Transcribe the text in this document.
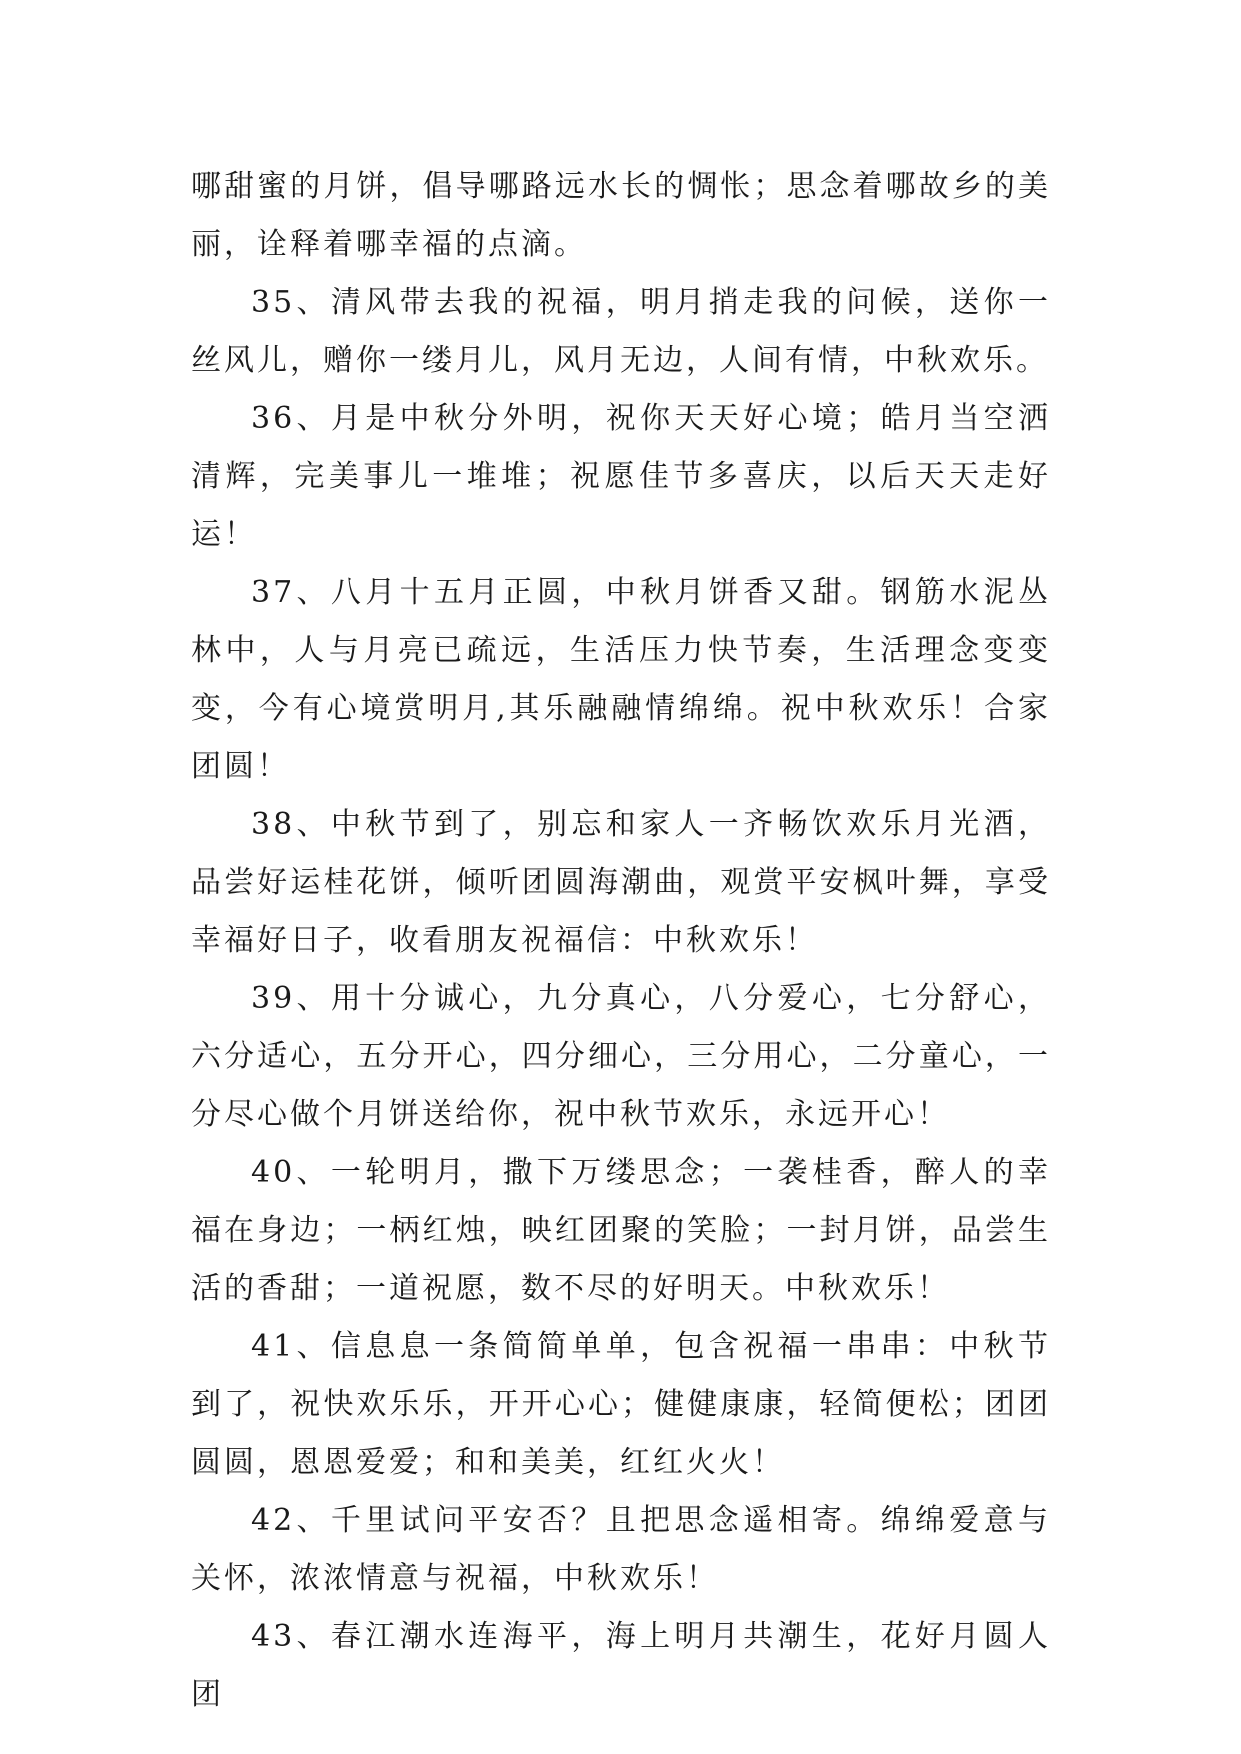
哪甜蜜的月饼，倡导哪路远水长的惆怅；思念着哪故乡的美丽，诠释着哪幸福的点滴。

35、清风带去我的祝福，明月捎走我的问候，送你一丝风儿，赠你一缕月儿，风月无边，人间有情，中秋欢乐。

36、月是中秋分外明，祝你天天好心境；皓月当空洒清辉，完美事儿一堆堆；祝愿佳节多喜庆，以后天天走好运！

37、八月十五月正圆，中秋月饼香又甜。钢筋水泥丛林中，人与月亮已疏远，生活压力快节奏，生活理念变变变，今有心境赏明月,其乐融融情绵绵。祝中秋欢乐！合家团圆！

38、中秋节到了，别忘和家人一齐畅饮欢乐月光酒，品尝好运桂花饼，倾听团圆海潮曲，观赏平安枫叶舞，享受幸福好日子，收看朋友祝福信：中秋欢乐！

39、用十分诚心，九分真心，八分爱心，七分舒心，六分适心，五分开心，四分细心，三分用心，二分童心，一分尽心做个月饼送给你，祝中秋节欢乐，永远开心！

40、一轮明月，撒下万缕思念；一袭桂香，醉人的幸福在身边；一柄红烛，映红团聚的笑脸；一封月饼，品尝生活的香甜；一道祝愿，数不尽的好明天。中秋欢乐！

41、信息息一条简简单单，包含祝福一串串：中秋节到了，祝快欢乐乐，开开心心；健健康康，轻简便松；团团圆圆，恩恩爱爱；和和美美，红红火火！

42、千里试问平安否？且把思念遥相寄。绵绵爱意与关怀，浓浓情意与祝福，中秋欢乐！

43、春江潮水连海平，海上明月共潮生，花好月圆人团
